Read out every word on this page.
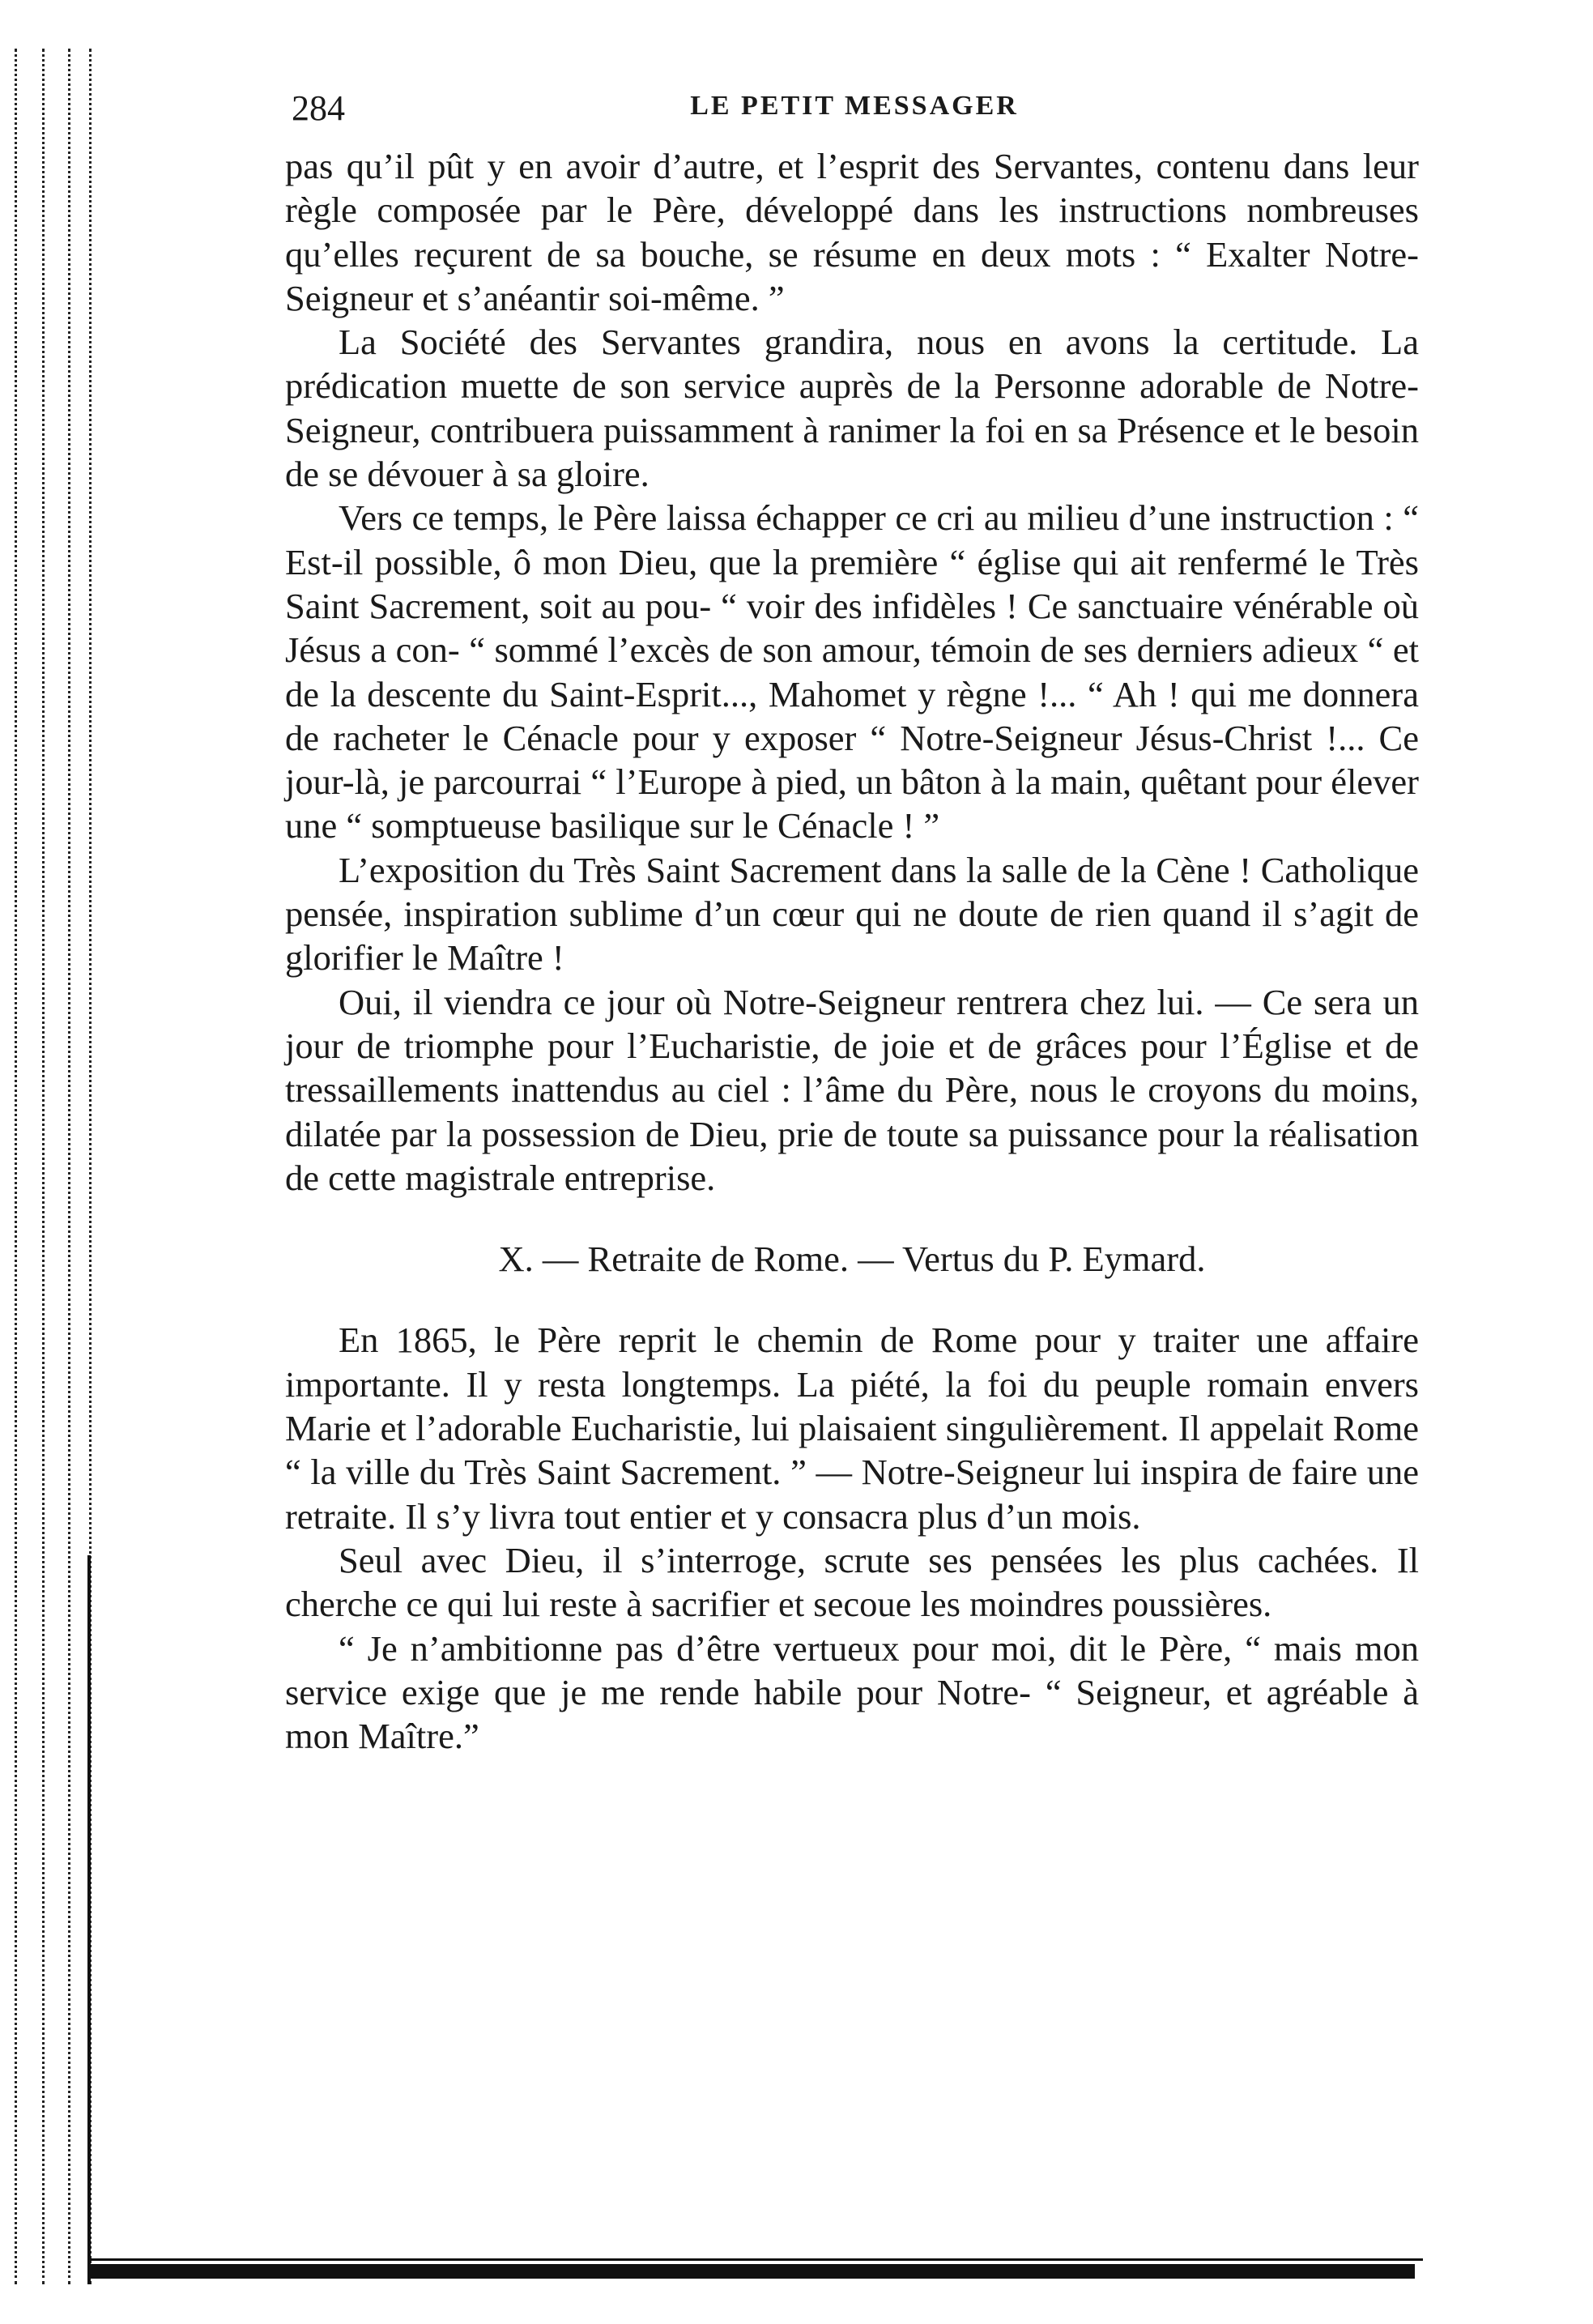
284	LE PETIT MESSAGER

pas qu’il pût y en avoir d’autre, et l’esprit des Servantes, contenu dans leur règle composée par le Père, développé dans les instructions nombreuses qu’elles reçurent de sa bouche, se résume en deux mots : “ Exalter Notre-Seigneur et s’anéantir soi-même. ”

La Société des Servantes grandira, nous en avons la certitude. La prédication muette de son service auprès de la Personne adorable de Notre-Seigneur, contribuera puissamment à ranimer la foi en sa Présence et le besoin de se dévouer à sa gloire.

Vers ce temps, le Père laissa échapper ce cri au milieu d’une instruction : “ Est-il possible, ô mon Dieu, que la première “ église qui ait renfermé le Très Saint Sacrement, soit au pou- “ voir des infidèles ! Ce sanctuaire vénérable où Jésus a con- “ sommé l’excès de son amour, témoin de ses derniers adieux “ et de la descente du Saint-Esprit..., Mahomet y règne !... “ Ah ! qui me donnera de racheter le Cénacle pour y exposer “ Notre-Seigneur Jésus-Christ !... Ce jour-là, je parcourrai “ l’Europe à pied, un bâton à la main, quêtant pour élever une “ somptueuse basilique sur le Cénacle ! ”

L’exposition du Très Saint Sacrement dans la salle de la Cène ! Catholique pensée, inspiration sublime d’un cœur qui ne doute de rien quand il s’agit de glorifier le Maître !

Oui, il viendra ce jour où Notre-Seigneur rentrera chez lui. — Ce sera un jour de triomphe pour l’Eucharistie, de joie et de grâces pour l’Église et de tressaillements inattendus au ciel : l’âme du Père, nous le croyons du moins, dilatée par la possession de Dieu, prie de toute sa puissance pour la réalisation de cette magistrale entreprise.

X. — Retraite de Rome. — Vertus du P. Eymard.

En 1865, le Père reprit le chemin de Rome pour y traiter une affaire importante. Il y resta longtemps. La piété, la foi du peuple romain envers Marie et l’adorable Eucharistie, lui plaisaient singulièrement. Il appelait Rome “ la ville du Très Saint Sacrement. ” — Notre-Seigneur lui inspira de faire une retraite. Il s’y livra tout entier et y consacra plus d’un mois.

Seul avec Dieu, il s’interroge, scrute ses pensées les plus cachées. Il cherche ce qui lui reste à sacrifier et secoue les moindres poussières.

“ Je n’ambitionne pas d’être vertueux pour moi, dit le Père, “ mais mon service exige que je me rende habile pour Notre- “ Seigneur, et agréable à mon Maître.”
